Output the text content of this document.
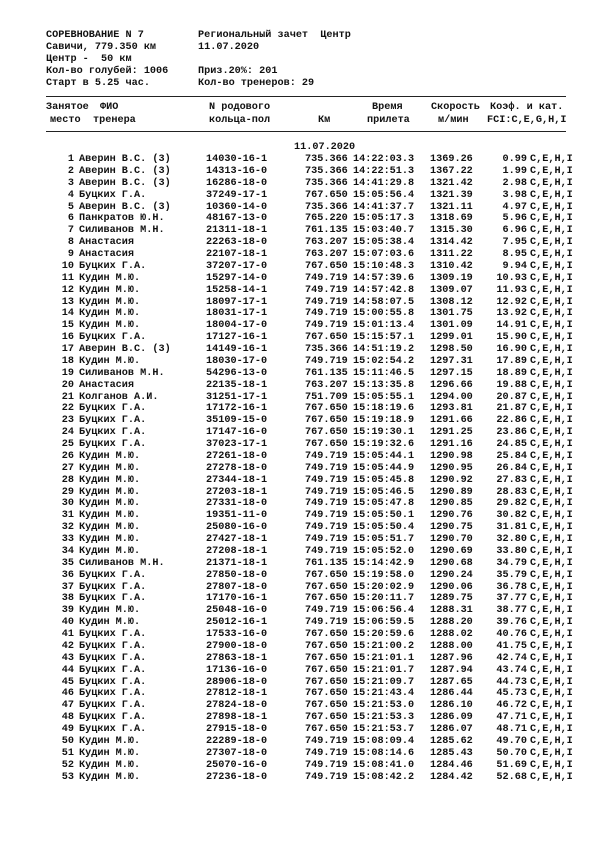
СОРЕВНОВАНИЕ N 7	Региональный зачет  Центр
Савичи, 779.350 км	11.07.2020
Центр -  50 км
Кол-во голубей: 1006	Приз.20%: 201
Старт в 5.25 час.	Кол-во тренеров: 29
Занятое
место
ФИО
тренера
N родового
кольца-пол	Км
Время
прилета
Скорость
м/мин
Коэф. и кат.
FCI:C,E,G,H,I
11.07.2020
1 Аверин В.С. (3)	14030-16-1	735.366 14:22:03.3 1369.26	0.99 C,E,H,I
2 Аверин В.С. (3)	14313-16-0	735.366 14:22:51.3 1367.22	1.99 C,E,H,I
3 Аверин В.С. (3)	16286-18-0	735.366 14:41:29.8 1321.42	2.98 C,E,H,I
4 Буцких Г.А.	37249-17-1	767.650 15:05:56.4 1321.39	3.98 C,E,H,I
5 Аверин В.С. (3)	10360-14-0	735.366 14:41:37.7 1321.11	4.97 C,E,H,I
6 Панкратов Ю.Н.	48167-13-0	765.220 15:05:17.3 1318.69	5.96 C,E,H,I
7 Силиванов М.Н.	21311-18-1	761.135 15:03:40.7 1315.30	6.96 C,E,H,I
8 Анастасия	22263-18-0	763.207 15:05:38.4 1314.42	7.95 C,E,H,I
9 Анастасия	22107-18-1	763.207 15:07:03.6 1311.22	8.95 C,E,H,I
10 Буцких Г.А.	37207-17-0	767.650 15:10:48.3 1310.42	9.94 C,E,H,I
11 Кудин М.Ю.	15297-14-0	749.719 14:57:39.6 1309.19	10.93 C,E,H,I
12 Кудин М.Ю.	15258-14-1	749.719 14:57:42.8 1309.07	11.93 C,E,H,I
13 Кудин М.Ю.	18097-17-1	749.719 14:58:07.5 1308.12	12.92 C,E,H,I
14 Кудин М.Ю.	18031-17-1	749.719 15:00:55.8 1301.75	13.92 C,E,H,I
15 Кудин М.Ю.	18004-17-0	749.719 15:01:13.4 1301.09	14.91 C,E,H,I
16 Буцких Г.А.	17127-16-1	767.650 15:15:57.1 1299.01	15.90 C,E,H,I
17 Аверин В.С. (3)	14149-16-1	735.366 14:51:19.2 1298.50	16.90 C,E,H,I
18 Кудин М.Ю.	18030-17-0	749.719 15:02:54.2 1297.31	17.89 C,E,H,I
19 Силиванов М.Н.	54296-13-0	761.135 15:11:46.5 1297.15	18.89 C,E,H,I
20 Анастасия	22135-18-1	763.207 15:13:35.8 1296.66	19.88 C,E,H,I
21 Колганов А.И.	31251-17-1	751.709 15:05:55.1 1294.00	20.87 C,E,H,I
22 Буцких Г.А.	17172-16-1	767.650 15:18:19.6 1293.81	21.87 C,E,H,I
23 Буцких Г.А.	35109-15-0	767.650 15:19:18.9 1291.66	22.86 C,E,H,I
24 Буцких Г.А.	17147-16-0	767.650 15:19:30.1 1291.25	23.86 C,E,H,I
25 Буцких Г.А.	37023-17-1	767.650 15:19:32.6 1291.16	24.85 C,E,H,I
26 Кудин М.Ю.	27261-18-0	749.719 15:05:44.1 1290.98	25.84 C,E,H,I
27 Кудин М.Ю.	27278-18-0	749.719 15:05:44.9 1290.95	26.84 C,E,H,I
28 Кудин М.Ю.	27344-18-1	749.719 15:05:45.8 1290.92	27.83 C,E,H,I
29 Кудин М.Ю.	27203-18-1	749.719 15:05:46.5 1290.89	28.83 C,E,H,I
30 Кудин М.Ю.	27331-18-0	749.719 15:05:47.8 1290.85	29.82 C,E,H,I
31 Кудин М.Ю.	19351-11-0	749.719 15:05:50.1 1290.76	30.82 C,E,H,I
32 Кудин М.Ю.	25080-16-0	749.719 15:05:50.4 1290.75	31.81 C,E,H,I
33 Кудин М.Ю.	27427-18-1	749.719 15:05:51.7 1290.70	32.80 C,E,H,I
34 Кудин М.Ю.	27208-18-1	749.719 15:05:52.0 1290.69	33.80 C,E,H,I
35 Силиванов М.Н.	21371-18-1	761.135 15:14:42.9 1290.68	34.79 C,E,H,I
36 Буцких Г.А.	27850-18-0	767.650 15:19:58.0 1290.24	35.79 C,E,H,I
37 Буцких Г.А.	27807-18-0	767.650 15:20:02.9 1290.06	36.78 C,E,H,I
38 Буцких Г.А.	17170-16-1	767.650 15:20:11.7 1289.75	37.77 C,E,H,I
39 Кудин М.Ю.	25048-16-0	749.719 15:06:56.4 1288.31	38.77 C,E,H,I
40 Кудин М.Ю.	25012-16-1	749.719 15:06:59.5 1288.20	39.76 C,E,H,I
41 Буцких Г.А.	17533-16-0	767.650 15:20:59.6 1288.02	40.76 C,E,H,I
42 Буцких Г.А.	27900-18-0	767.650 15:21:00.2 1288.00	41.75 C,E,H,I
43 Буцких Г.А.	27863-18-1	767.650 15:21:01.1 1287.96	42.74 C,E,H,I
44 Буцких Г.А.	17136-16-0	767.650 15:21:01.7 1287.94	43.74 C,E,H,I
45 Буцких Г.А.	28906-18-0	767.650 15:21:09.7 1287.65	44.73 C,E,H,I
46 Буцких Г.А.	27812-18-1	767.650 15:21:43.4 1286.44	45.73 C,E,H,I
47 Буцких Г.А.	27824-18-0	767.650 15:21:53.0 1286.10	46.72 C,E,H,I
48 Буцких Г.А.	27898-18-1	767.650 15:21:53.3 1286.09	47.71 C,E,H,I
49 Буцких Г.А.	27915-18-0	767.650 15:21:53.7 1286.07	48.71 C,E,H,I
50 Кудин М.Ю.	22289-18-0	749.719 15:08:09.4 1285.62	49.70 C,E,H,I
51 Кудин М.Ю.	27307-18-0	749.719 15:08:14.6 1285.43	50.70 C,E,H,I
52 Кудин М.Ю.	25070-16-0	749.719 15:08:41.0 1284.46	51.69 C,E,H,I
53 Кудин М.Ю.	27236-18-0	749.719 15:08:42.2 1284.42	52.68 C,E,H,I
